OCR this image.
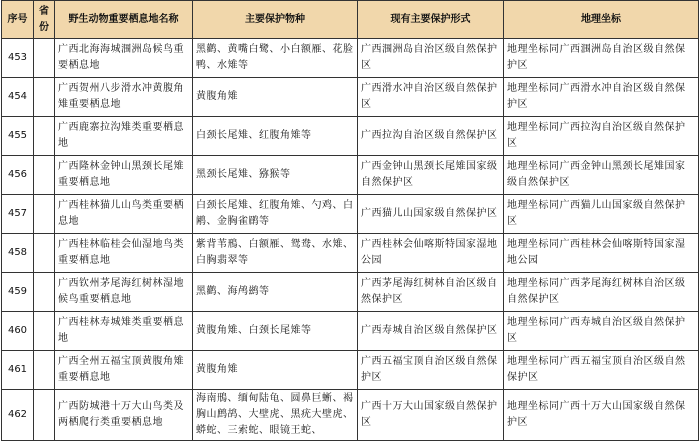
序号	省份	野生动物重要栖息地名称	主要保护物种	现有主要保护形式	地理坐标
453		广西北海海城涠洲岛候鸟重要栖息地	黑鹳、黄嘴白鹭、小白额雁、花脸鸭、水雉等	广西涠洲岛自治区级自然保护区	地理坐标同广西涠洲岛自治区级自然保护区
454		广西贺州八步滑水冲黄腹角雉重要栖息地	黄腹角雉	广西滑水冲自治区级自然保护区	地理坐标同广西滑水冲自治区级自然保护区
455		广西鹿寨拉沟雉类重要栖息地	白颈长尾雉、红腹角雉等	广西拉沟自治区级自然保护区	地理坐标同广西拉沟自治区级自然保护区
456		广西隆林金钟山黑颈长尾雉重要栖息地	黑颈长尾雉、猕猴等	广西金钟山黑颈长尾雉国家级自然保护区	地理坐标同广西金钟山黑颈长尾雉国家级自然保护区
457		广西桂林猫儿山鸟类重要栖息地	白颈长尾雉、红腹角雉、勺鸡、白鹇、金胸雀鹛等	广西猫儿山国家级自然保护区	地理坐标同广西猫儿山国家级自然保护区
458		广西桂林临桂会仙湿地鸟类重要栖息地	紫背苇鳽、白额雁、鸳鸯、水雉、白胸翡翠等	广西桂林会仙喀斯特国家湿地公园	地理坐标同广西桂林会仙喀斯特国家湿地公园
459		广西钦州茅尾海红树林湿地候鸟重要栖息地	黑鹳、海鸬鹚等	广西茅尾海红树林自治区级自然保护区	地理坐标同广西茅尾海红树林自治区级自然保护区
460		广西桂林寿城雉类重要栖息地	黄腹角雉、白颈长尾雉等	广西寿城自治区级自然保护区	地理坐标同广西寿城自治区级自然保护区
461		广西全州五福宝顶黄腹角雉重要栖息地	黄腹角雉	广西五福宝顶自治区级自然保护区	地理坐标同广西五福宝顶自治区级自然保护区
462		广西防城港十万大山鸟类及两栖爬行类重要栖息地	海南鳽、缅甸陆龟、圆鼻巨蜥、褐胸山鹧鸪、大壁虎、黑疣大壁虎、蟒蛇、三索蛇、眼镜王蛇、	广西十万大山国家级自然保护区	地理坐标同广西十万大山国家级自然保护区
